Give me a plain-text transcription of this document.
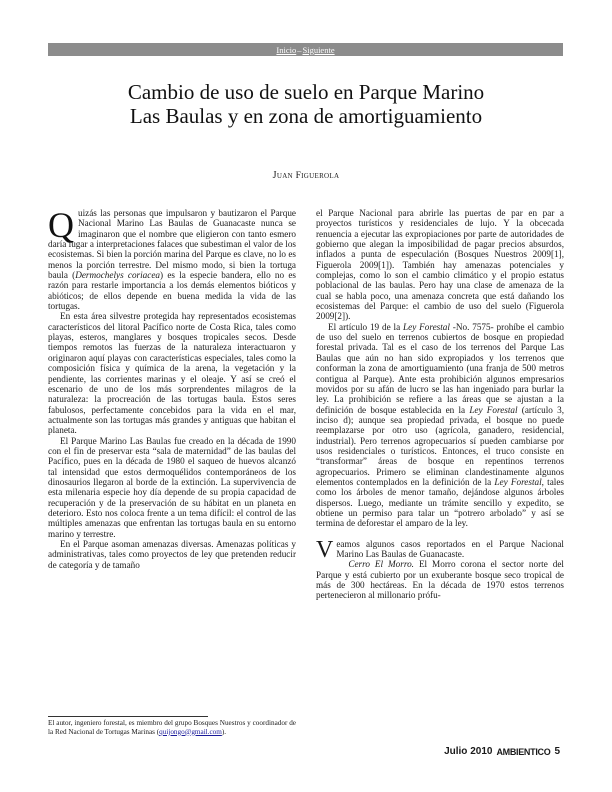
Inicio – Siguiente
Cambio de uso de suelo en Parque Marino
Las Baulas y en zona de amortiguamiento
Juan Figuerola

Quizás las personas que impulsaron y bautizaron el Parque Nacional Marino Las Baulas de Guanacaste nunca se imaginaron que el nombre que eligieron con tanto esmero daría lugar a interpretaciones falaces que subestiman el valor de los ecosistemas. Si bien la porción marina del Parque es clave, no lo es menos la porción terrestre. Del mismo modo, si bien la tortuga baula (Dermochelys coriacea) es la especie bandera, ello no es razón para restarle importancia a los demás elementos bióticos y abióticos; de ellos depende en buena medida la vida de las tortugas.

En esta área silvestre protegida hay representados ecosistemas característicos del litoral Pacífico norte de Costa Rica, tales como playas, esteros, manglares y bosques tropicales secos. Desde tiempos remotos las fuerzas de la naturaleza interactuaron y originaron aquí playas con características especiales, tales como la composición física y química de la arena, la vegetación y la pendiente, las corrientes marinas y el oleaje. Y así se creó el escenario de uno de los más sorprendentes milagros de la naturaleza: la procreación de las tortugas baula. Estos seres fabulosos, perfectamente concebidos para la vida en el mar, actualmente son las tortugas más grandes y antiguas que habitan el planeta.

El Parque Marino Las Baulas fue creado en la década de 1990 con el fin de preservar esta “sala de maternidad” de las baulas del Pacífico, pues en la década de 1980 el saqueo de huevos alcanzó tal intensidad que estos dermoquélidos contemporáneos de los dinosaurios llegaron al borde de la extinción. La supervivencia de esta milenaria especie hoy día depende de su propia capacidad de recuperación y de la preservación de su hábitat en un planeta en deterioro. Esto nos coloca frente a un tema difícil: el control de las múltiples amenazas que enfrentan las tortugas baula en su entorno marino y terrestre.

En el Parque asoman amenazas diversas. Amenazas políticas y administrativas, tales como proyectos de ley que pretenden reducir de categoría y de tamaño

el Parque Nacional para abrirle las puertas de par en par a proyectos turísticos y residenciales de lujo. Y la obcecada renuencia a ejecutar las expropiaciones por parte de autoridades de gobierno que alegan la imposibilidad de pagar precios absurdos, inflados a punta de especulación (Bosques Nuestros 2009[1], Figuerola 2009[1]). También hay amenazas potenciales y complejas, como lo son el cambio climático y el propio estatus poblacional de las baulas. Pero hay una clase de amenaza de la cual se habla poco, una amenaza concreta que está dañando los ecosistemas del Parque: el cambio de uso del suelo (Figuerola 2009[2]).

El artículo 19 de la Ley Forestal -No. 7575- prohíbe el cambio de uso del suelo en terrenos cubiertos de bosque en propiedad forestal privada. Tal es el caso de los terrenos del Parque Las Baulas que aún no han sido expropiados y los terrenos que conforman la zona de amortiguamiento (una franja de 500 metros contigua al Parque). Ante esta prohibición algunos empresarios movidos por su afán de lucro se las han ingeniado para burlar la ley. La prohibición se refiere a las áreas que se ajustan a la definición de bosque establecida en la Ley Forestal (artículo 3, inciso d); aunque sea propiedad privada, el bosque no puede reemplazarse por otro uso (agrícola, ganadero, residencial, industrial). Pero terrenos agropecuarios sí pueden cambiarse por usos residenciales o turísticos. Entonces, el truco consiste en “transformar” áreas de bosque en repentinos terrenos agropecuarios. Primero se eliminan clandestinamente algunos elementos contemplados en la definición de la Ley Forestal, tales como los árboles de menor tamaño, dejándose algunos árboles dispersos. Luego, mediante un trámite sencillo y expedito, se obtiene un permiso para talar un “potrero arbolado” y así se termina de deforestar el amparo de la ley.

Veamos algunos casos reportados en el Parque Nacional Marino Las Baulas de Guanacaste.

Cerro El Morro. El Morro corona el sector norte del Parque y está cubierto por un exuberante bosque seco tropical de más de 300 hectáreas. En la década de 1970 estos terrenos pertenecieron al millonario prófu-

El autor, ingeniero forestal, es miembro del grupo Bosques Nuestros y coordinador de la Red Nacional de Tortugas Marinas (quijongo@gmail.com).
Julio 2010 AMBIENTICO 5
